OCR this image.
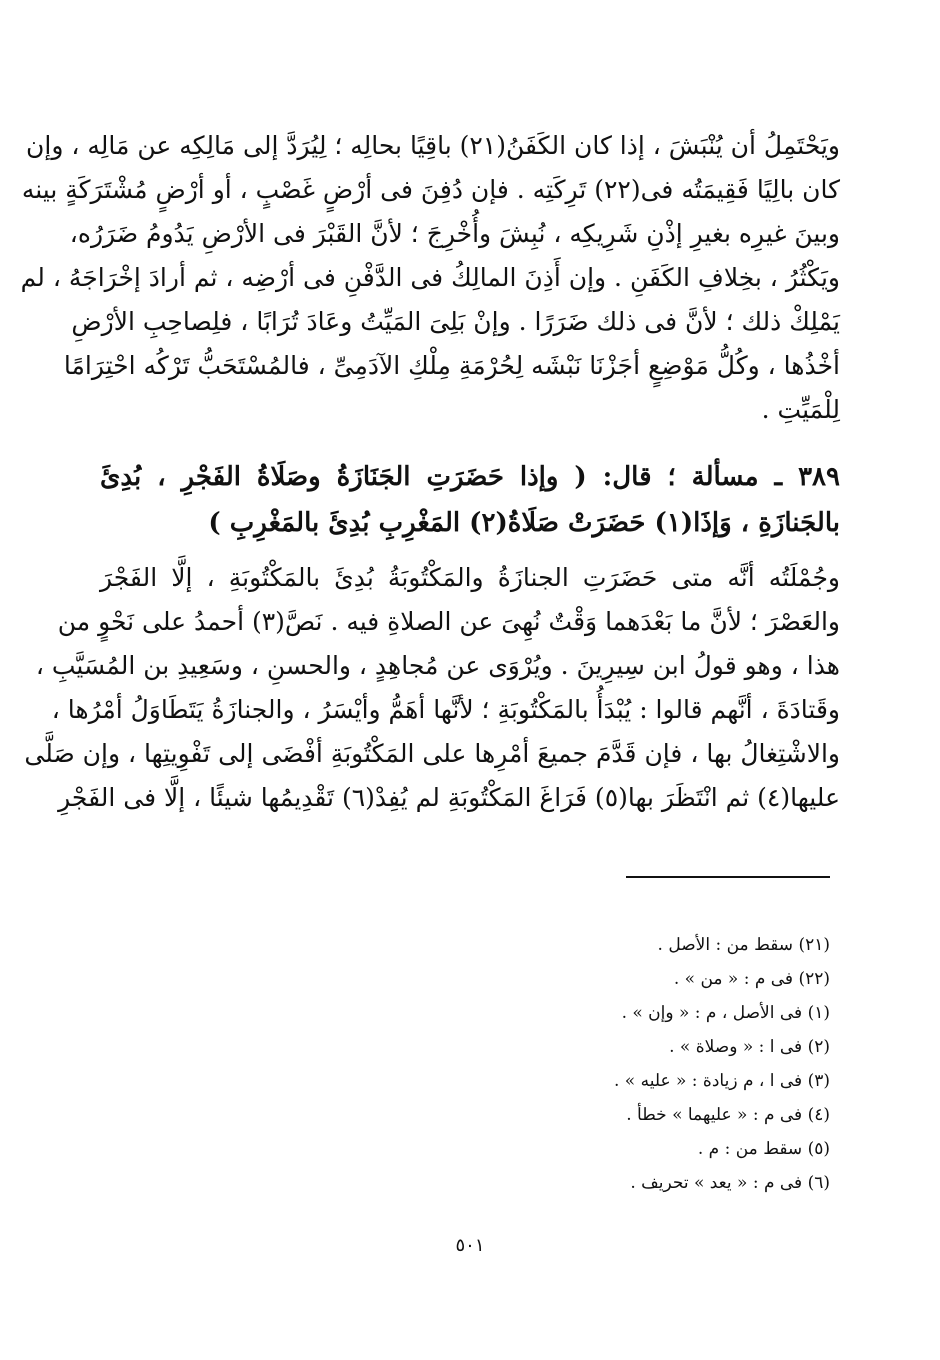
ويَحْتَمِلُ أن يُنْبَشَ ، إذا كان الكَفَنُ(٢١) باقِيًا بحالِه ؛ لِيُرَدَّ إلى مَالِكِه عن مَالِه ، وإن
كان بالِيًا فَقِيمَتُه فى(٢٢) تَرِكَتِه . فإن دُفِنَ فى أرْضٍ غَصْبٍ ، أو أرْضٍ مُشْتَرَكَةٍ بينه
وبينَ غيرِه بغيرِ إذْنِ شَرِيكِه ، نُبِشَ وأُخْرِجَ ؛ لأنَّ القَبْرَ فى الأرْضِ يَدُومُ ضَرَرُه،
ويَكْثُرُ ، بخِلافِ الكَفَنِ . وإن أَذِنَ المالِكُ فى الدَّفْنِ فى أرْضِه ، ثم أرادَ إخْرَاجَهُ ، لم
يَمْلِكْ ذلك ؛ لأنَّ فى ذلك ضَرَرًا . وإنْ بَلِىَ المَيِّتُ وعَادَ تُرَابًا ، فلِصاحِبِ الأرْضِ
أخْذُها ، وكُلُّ مَوْضِعٍ أجَزْنَا نَبْشَه لِحُرْمَةِ مِلْكِ الآدَمِىِّ ، فالمُسْتَحَبُّ تَرْكُه احْتِرَامًا
لِلْمَيِّتِ .
٣٨٩ ـ مسألة ؛ قال: ( وإذا حَضَرَتِ الجَنَازَةُ وصَلَاةُ الفَجْرِ ، بُدِئَ
بالجَنازَةِ ، وَإذَا(١) حَضَرَتْ صَلَاةُ(٢) المَغْرِبِ بُدِئَ بالمَغْرِبِ )
وجُمْلَتُه أنَّه متى حَضَرَتِ الجنازَةُ والمَكْتُوبَةُ بُدِئَ بالمَكْتُوبَةِ ، إلَّا الفَجْرَ
والعَصْرَ ؛ لأنَّ ما بَعْدَهما وَقْتٌ نُهِىَ عن الصلاةِ فيه . نَصَّ(٣) أحمدُ على نَحْوٍ من
هذا ، وهو قولُ ابن سِيرِينَ . ويُرْوَى عن مُجاهِدٍ ، والحسنِ ، وسَعِيدِ بن المُسَيَّبِ ،
وقَتادَةَ ، أنَّهم قالوا : يُبْدَأُ بالمَكْتُوبَةِ ؛ لأنَّها أهَمُّ وأيْسَرُ ، والجنازَةُ يَتَطَاوَلُ أمْرُها ،
والاشْتِغالُ بها ، فإن قَدَّمَ جميعَ أمْرِها على المَكْتُوبَةِ أفْضَى إلى تَفْوِيتِها ، وإن صَلَّى
عليها(٤) ثم انْتَظَرَ بها(٥) فَرَاغَ المَكْتُوبَةِ لم يُفِدْ(٦) تَقْدِيمُها شيئًا ، إلَّا فى الفَجْرِ
(٢١) سقط من : الأصل .
(٢٢) فى م : « من » .
(١) فى الأصل ، م : « وإن » .
(٢) فى ا : « وصلاة » .
(٣) فى ا ، م زيادة : « عليه » .
(٤) فى م : « عليهما » خطأ .
(٥) سقط من : م .
(٦) فى م : « يعد » تحريف .
٥٠١
